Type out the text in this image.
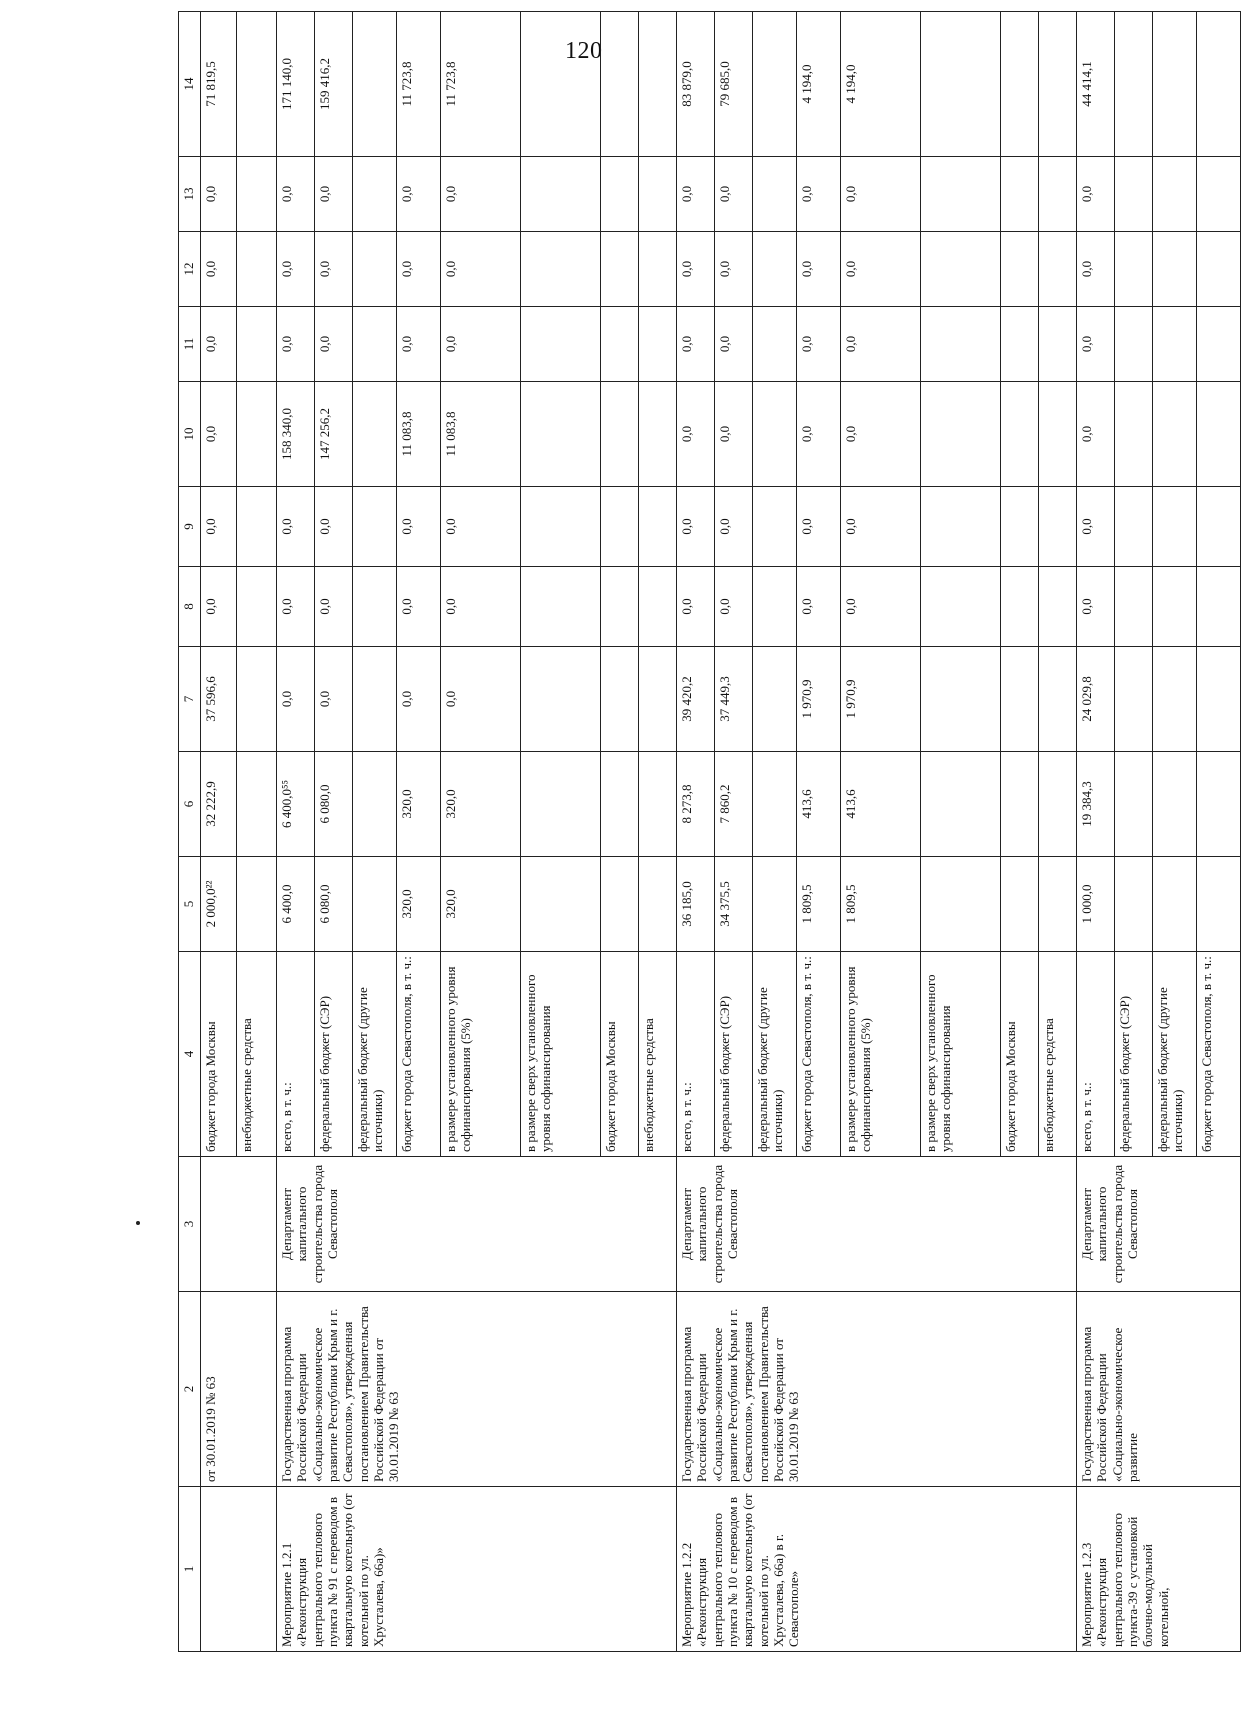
120
1	2	3	4	5	6	7	8	9	10	11	12	13	14
	от 30.01.2019 № 63		бюджет города Москвы	2 000,0²²	32 222,9	37 596,6	0,0	0,0	0,0	0,0	0,0	0,0	71 819,5
			внебюджетные средства										
Мероприятие 1.2.1 «Реконструкция центрального теплового пункта № 91 с переводом в квартальную котельную (от котельной по ул. Хрусталева, 66а)»	Государственная программа Российской Федерации «Социально-экономическое развитие Республики Крым и г. Севастополя», утвержденная постановлением Правительства Российской Федерации от 30.01.2019 № 63	Департамент капитального строительства города Севастополя	всего, в т. ч.:	6 400,0	6 400,0⁵⁵	0,0	0,0	0,0	158 340,0	0,0	0,0	0,0	171 140,0
			федеральный бюджет (СЭР)	6 080,0	6 080,0	0,0	0,0	0,0	147 256,2	0,0	0,0	0,0	159 416,2
			федеральный бюджет (другие источники)										
			бюджет города Севастополя, в т. ч.:	320,0	320,0	0,0	0,0	0,0	11 083,8	0,0	0,0	0,0	11 723,8
			в размере установленного уровня софинансирования (5%)	320,0	320,0	0,0	0,0	0,0	11 083,8	0,0	0,0	0,0	11 723,8
			в размере сверх установленного уровня софинансирования										
			бюджет города Москвы										
			внебюджетные средства										
Мероприятие 1.2.2 «Реконструкция центрального теплового пункта № 10 с переводом в квартальную котельную (от котельной по ул. Хрусталева, 66а) в г. Севастополе»	Государственная программа Российской Федерации «Социально-экономическое развитие Республики Крым и г. Севастополя», утвержденная постановлением Правительства Российской Федерации от 30.01.2019 № 63	Департамент капитального строительства города Севастополя	всего, в т. ч.:	36 185,0	8 273,8	39 420,2	0,0	0,0	0,0	0,0	0,0	0,0	83 879,0
			федеральный бюджет (СЭР)	34 375,5	7 860,2	37 449,3	0,0	0,0	0,0	0,0	0,0	0,0	79 685,0
			федеральный бюджет (другие источники)										
			бюджет города Севастополя, в т. ч.:	1 809,5	413,6	1 970,9	0,0	0,0	0,0	0,0	0,0	0,0	4 194,0
			в размере установленного уровня софинансирования (5%)	1 809,5	413,6	1 970,9	0,0	0,0	0,0	0,0	0,0	0,0	4 194,0
			в размере сверх установленного уровня софинансирования										
			бюджет города Москвы										
			внебюджетные средства										
Мероприятие 1.2.3 «Реконструкция центрального теплового пункта-39 с установкой блочно-модульной котельной,	Государственная программа Российской Федерации «Социально-экономическое развитие	Департамент капитального строительства города Севастополя	всего, в т. ч.:	1 000,0	19 384,3	24 029,8	0,0	0,0	0,0	0,0	0,0	0,0	44 414,1
			федеральный бюджет (СЭР)										
			федеральный бюджет (другие источники)										
			бюджет города Севастополя, в т. ч.:										
